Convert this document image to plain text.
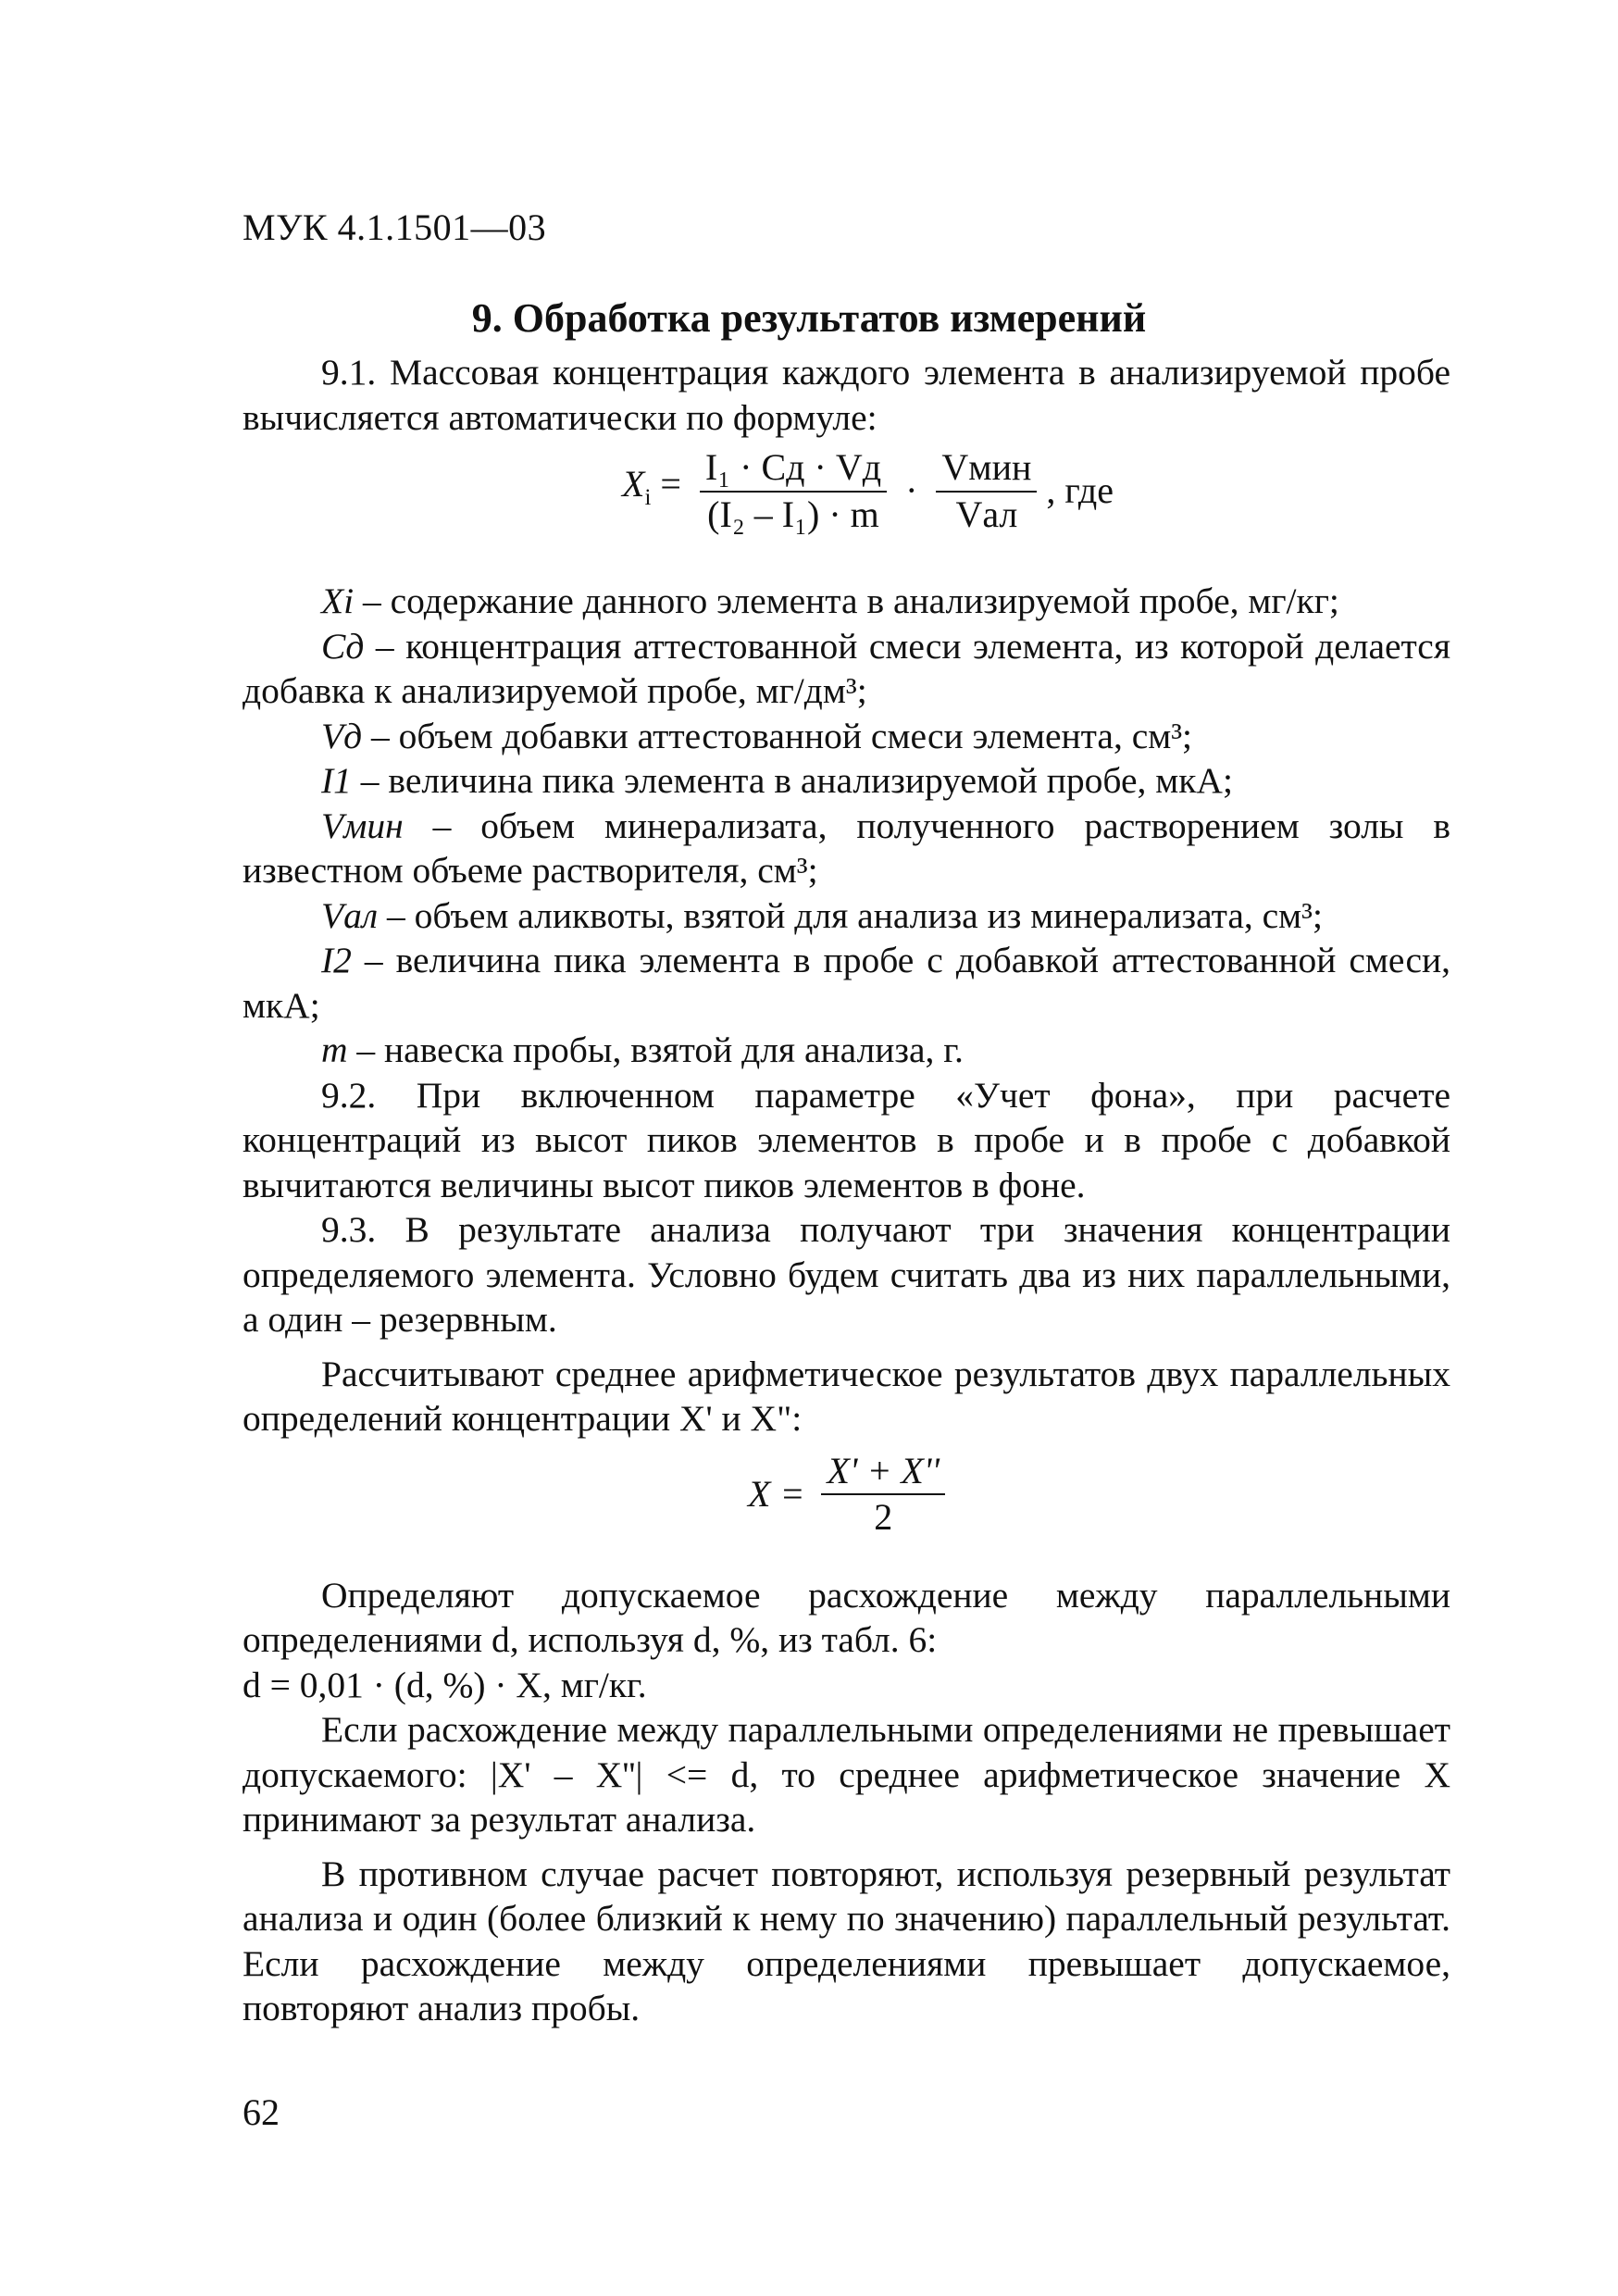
МУК 4.1.1501—03
9. Обработка результатов измерений

9.1. Массовая концентрация каждого элемента в анализируемой пробе вычисляется автоматически по формуле:

$X_i = \frac{\text{I₁ · Cд · Vд}}{\text{(I₂ – I₁) · m}} \cdot \frac{\text{Vмин}}{\text{Vал}}$ , где

Xi – содержание данного элемента в анализируемой пробе, мг/кг;

Cд – концентрация аттестованной смеси элемента, из которой делается добавка к анализируемой пробе, мг/дм³;

Vд – объем добавки аттестованной смеси элемента, см³;

I1 – величина пика элемента в анализируемой пробе, мкА;

Vмин – объем минерализата, полученного растворением золы в известном объеме растворителя, см³;

Vал – объем аликвоты, взятой для анализа из минерализата, см³;

I2 – величина пика элемента в пробе с добавкой аттестованной смеси, мкА;

m – навеска пробы, взятой для анализа, г.

9.2. При включенном параметре «Учет фона», при расчете концентраций из высот пиков элементов в пробе и в пробе с добавкой вычитаются величины высот пиков элементов в фоне.

9.3. В результате анализа получают три значения концентрации определяемого элемента. Условно будем считать два из них параллельными, а один – резервным.

Рассчитывают среднее арифметическое результатов двух параллельных определений концентрации X' и X":

$X = \frac{X' + X''}{2}$

Определяют допускаемое расхождение между параллельными определениями d, используя d, %, из табл. 6:

d = 0,01 · (d, %) · X, мг/кг.

Если расхождение между параллельными определениями не превышает допускаемого: |X' – X''| <= d, то среднее арифметическое значение X принимают за результат анализа.

В противном случае расчет повторяют, используя резервный результат анализа и один (более близкий к нему по значению) параллельный результат. Если расхождение между определениями превышает допускаемое, повторяют анализ пробы.

62
